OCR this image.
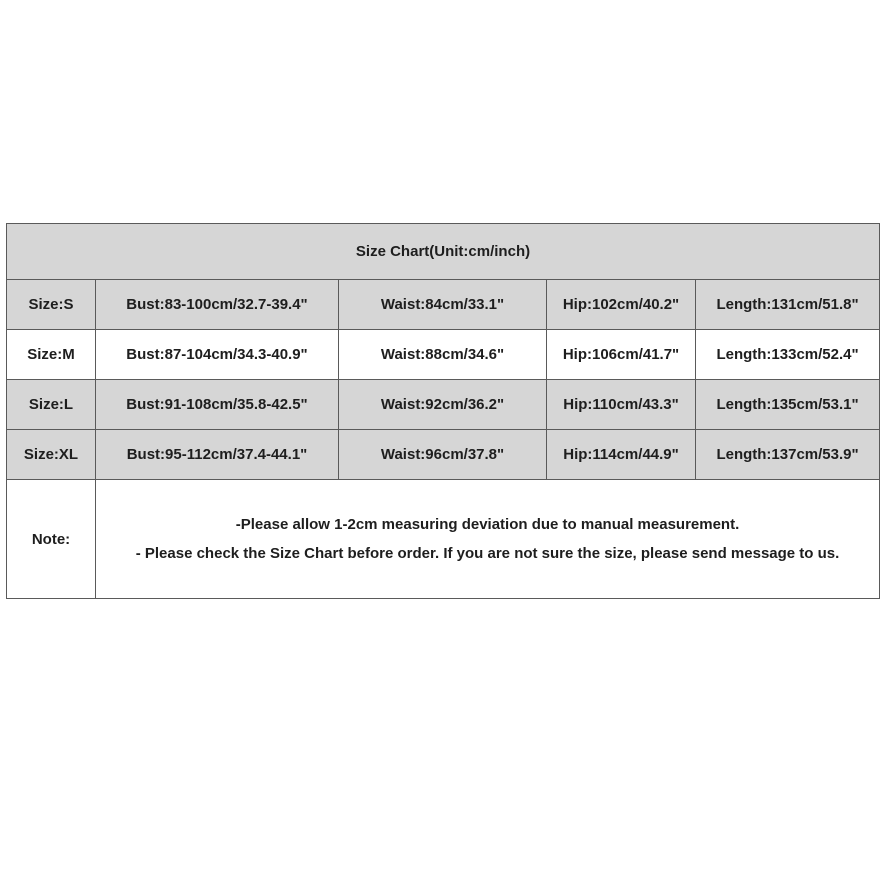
Size Chart(Unit:cm/inch)				
Size:S	Bust:83-100cm/32.7-39.4"	Waist:84cm/33.1"	Hip:102cm/40.2"	Length:131cm/51.8"
Size:M	Bust:87-104cm/34.3-40.9"	Waist:88cm/34.6"	Hip:106cm/41.7"	Length:133cm/52.4"
Size:L	Bust:91-108cm/35.8-42.5"	Waist:92cm/36.2"	Hip:110cm/43.3"	Length:135cm/53.1"
Size:XL	Bust:95-112cm/37.4-44.1"	Waist:96cm/37.8"	Hip:114cm/44.9"	Length:137cm/53.9"
Note:	-Please allow 1-2cm measuring deviation due to manual measurement.
- Please check the Size Chart before order. If you are not sure the size, please send message to us.			
